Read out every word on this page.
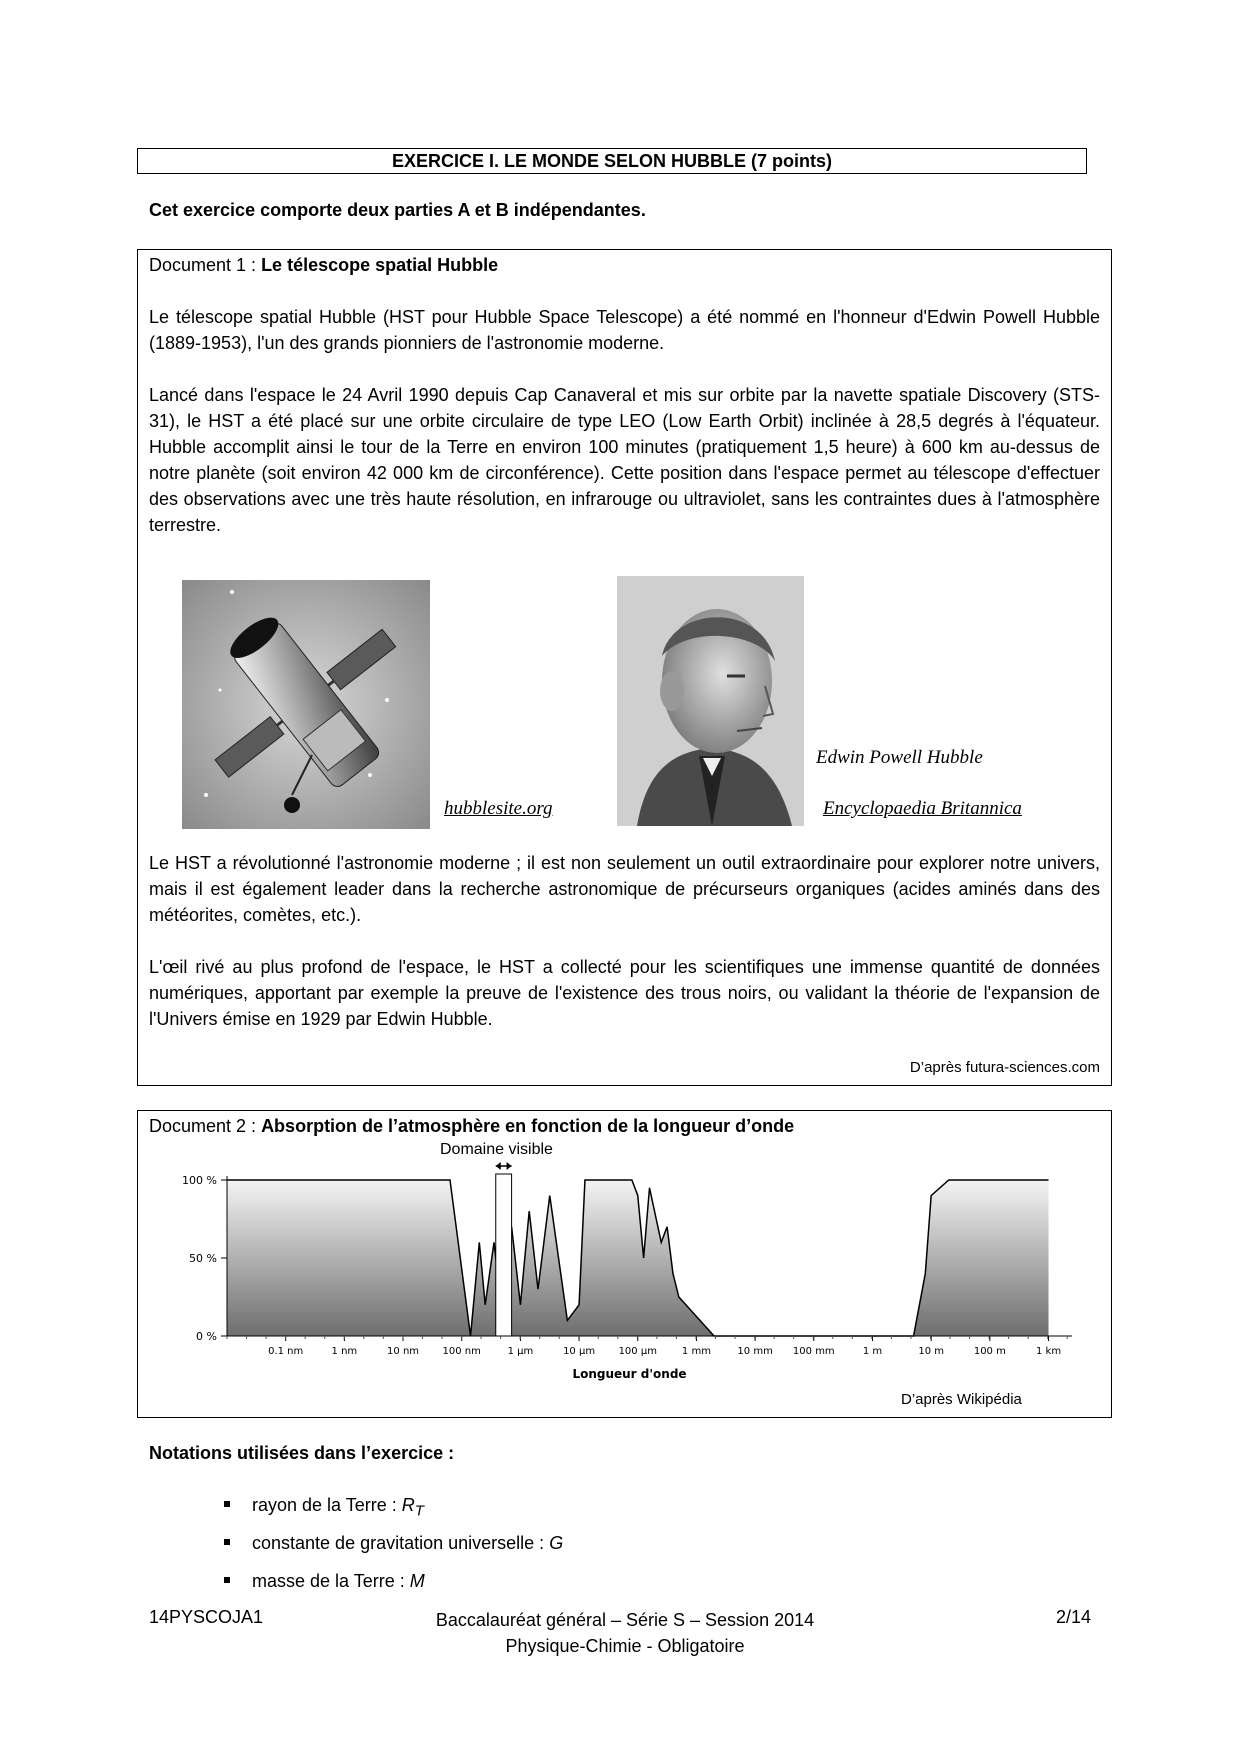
EXERCICE I. LE MONDE SELON HUBBLE (7 points)
Cet exercice comporte deux parties A et B indépendantes.
Document 1 : Le télescope spatial Hubble
Le télescope spatial Hubble (HST pour Hubble Space Telescope) a été nommé en l'honneur d'Edwin Powell Hubble (1889-1953), l'un des grands pionniers de l'astronomie moderne.
Lancé dans l'espace le 24 Avril 1990 depuis Cap Canaveral et mis sur orbite par la navette spatiale Discovery (STS-31), le HST a été placé sur une orbite circulaire de type LEO (Low Earth Orbit) inclinée à 28,5 degrés à l'équateur. Hubble accomplit ainsi le tour de la Terre en environ 100 minutes (pratiquement 1,5 heure) à 600 km au-dessus de notre planète (soit environ 42 000 km de circonférence). Cette position dans l'espace permet au télescope d'effectuer des observations avec une très haute résolution, en infrarouge ou ultraviolet, sans les contraintes dues à l'atmosphère terrestre.
hubblesite.org
Edwin Powell Hubble
Encyclopaedia Britannica
Le HST a révolutionné l'astronomie moderne ; il est non seulement un outil extraordinaire pour explorer notre univers, mais il est également leader dans la recherche astronomique de précurseurs organiques (acides aminés dans des météorites, comètes, etc.).
L'œil rivé au plus profond de l'espace, le HST a collecté pour les scientifiques une immense quantité de données numériques, apportant par exemple la preuve de l'existence des trous noirs, ou validant la théorie de l'expansion de l'Univers émise en 1929 par Edwin Hubble.
D’après futura-sciences.com
Document 2 : Absorption de l’atmosphère en fonction de la longueur d’onde
Domaine visible
100 %
50 %
0 %
0.1 nm	1 nm	10 nm 100 nm	1 µm	10 µm 100 µm 1 mm	10 mm 100 mm	1 m	10 m	100 m	1 km
Longueur d'onde
D’après Wikipédia
Notations utilisées dans l’exercice :
rayon de la Terre : $R_T$
constante de gravitation universelle : G
masse de la Terre : M
14PYSCOJA1	Baccalauréat général – Série S – Session 2014
Physique-Chimie - Obligatoire
2/14
